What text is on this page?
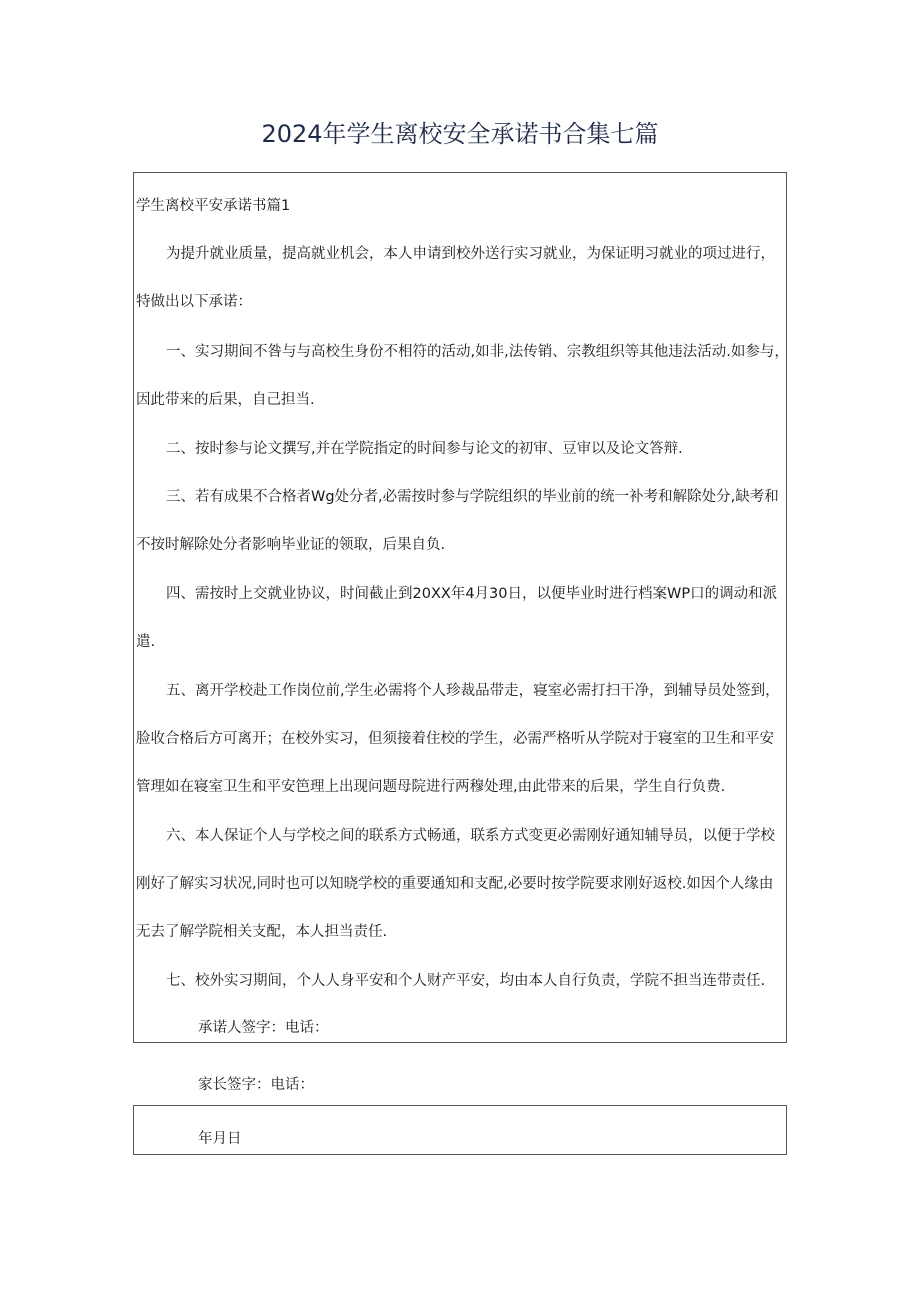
2024年学生离校安全承诺书合集七篇

学生离校平安承诺书篇1

为提升就业质量，提高就业机会，本人申请到校外送行实习就业，为保证明习就业的项过进行，

特做出以下承诺：

一、实习期间不咎与与高校生身份不相符的活动,如非,法传销、宗教组织等其他违法活动.如参与，

因此带来的后果，自己担当.

二、按时参与论文撰写,并在学院指定的时间参与论文的初审、豆审以及论文答辩.

三、若有成果不合格者Wg处分者,必需按时参与学院组织的毕业前的统一补考和解除处分,缺考和

不按时解除处分者影响毕业证的领取，后果自负.

四、需按时上交就业协议，时间截止到20XX年4月30日，以便毕业时进行档案WP口的调动和派

遣.

五、离开学校赴工作岗位前,学生必需将个人珍裁品带走，寝室必需打扫干净，到辅导员处签到，

脸收合格后方可离开；在校外实习，但须接着住校的学生，必需严格听从学院对于寝室的卫生和平安

管理如在寝室卫生和平安笆理上出现问题母院进行两穆处理,由此带来的后果，学生自行负费.

六、本人保证个人与学校之间的联系方式畅通，联系方式变更必需刚好通知辅导员，以便于学校

刚好了解实习状况,同时也可以知晓学校的重要通知和支配,必要时按学院要求刚好返校.如因个人缘由

无去了解学院相关支配，本人担当责任.

七、校外实习期间，个人人身平安和个人财产平安，均由本人自行负责，学院不担当连带责任.

承诺人签字：电话：

家长签字：电话：

年月日
